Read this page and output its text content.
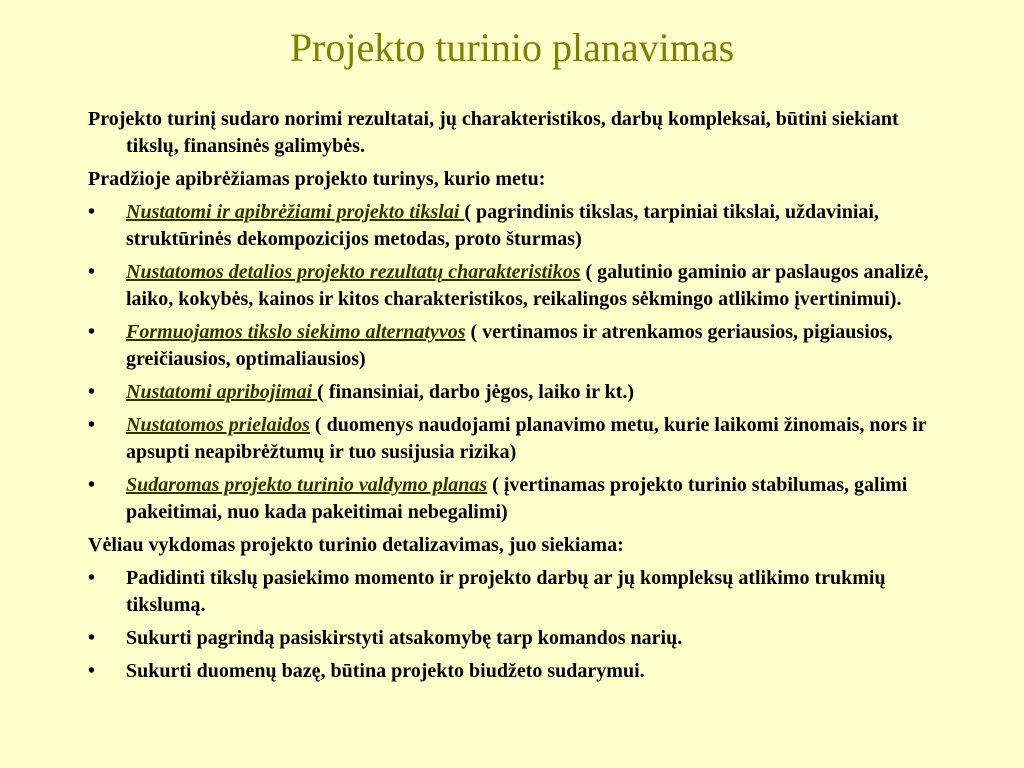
Projekto turinio planavimas

Projekto turinį sudaro norimi rezultatai, jų charakteristikos, darbų kompleksai, būtini siekiant tikslų, finansinės galimybės.

Pradžioje apibrėžiamas projekto turinys, kurio metu:

•	Nustatomi ir apibrėžiami projekto tikslai ( pagrindinis tikslas, tarpiniai tikslai, uždaviniai, struktūrinės dekompozicijos metodas, proto šturmas)
•	Nustatomos detalios projekto rezultatų charakteristikos ( galutinio gaminio ar paslaugos analizė, laiko, kokybės, kainos ir kitos charakteristikos, reikalingos sėkmingo atlikimo įvertinimui).
•	Formuojamos tikslo siekimo alternatyvos ( vertinamos ir atrenkamos geriausios, pigiausios, greičiausios, optimaliausios)
•	Nustatomi apribojimai ( finansiniai, darbo jėgos, laiko ir kt.)
•	Nustatomos prielaidos ( duomenys naudojami planavimo metu, kurie laikomi žinomais, nors ir apsupti neapibrėžtumų ir tuo susijusia rizika)
•	Sudaromas projekto turinio valdymo planas ( įvertinamas projekto turinio stabilumas, galimi pakeitimai, nuo kada pakeitimai nebegalimi)

Vėliau vykdomas projekto turinio detalizavimas, juo siekiama:

•	Padidinti tikslų pasiekimo momento ir projekto darbų ar jų kompleksų atlikimo trukmių tikslumą.
•	Sukurti pagrindą pasiskirstyti atsakomybę tarp komandos narių.
•	Sukurti duomenų bazę, būtina projekto biudžeto sudarymui.
